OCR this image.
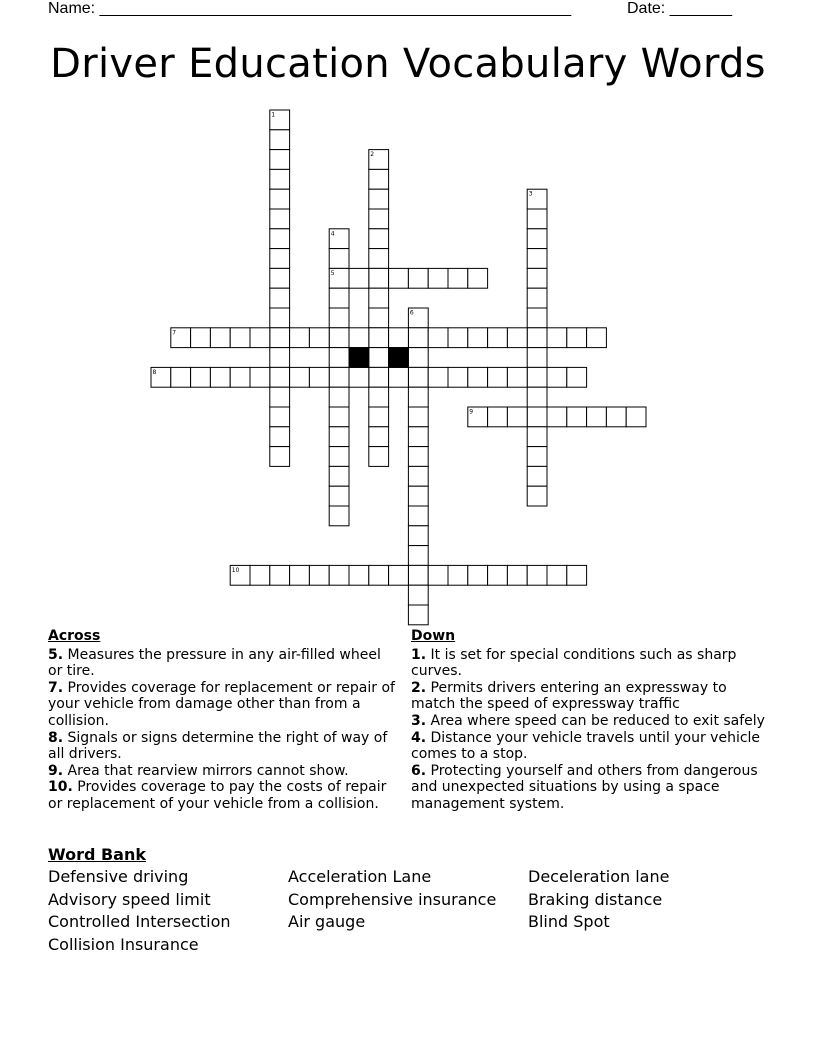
Name: _____________________________________________________	Date: _______
Driver Education Vocabulary Words
1
2
3
4
5
6
7
8
9
10
Across
5. Measures the pressure in any air-filled wheel or tire.
7. Provides coverage for replacement or repair of your vehicle from damage other than from a collision.
8. Signals or signs determine the right of way of all drivers.
9. Area that rearview mirrors cannot show.
10. Provides coverage to pay the costs of repair or replacement of your vehicle from a collision.
Down
1. It is set for special conditions such as sharp curves.
2. Permits drivers entering an expressway to match the speed of expressway traffic
3. Area where speed can be reduced to exit safely
4. Distance your vehicle travels until your vehicle comes to a stop.
6. Protecting yourself and others from dangerous and unexpected situations by using a space management system.
Word Bank
Defensive driving	Acceleration Lane	Deceleration lane
Advisory speed limit	Comprehensive insurance	Braking distance
Controlled Intersection	Air gauge	Blind Spot
Collision Insurance
